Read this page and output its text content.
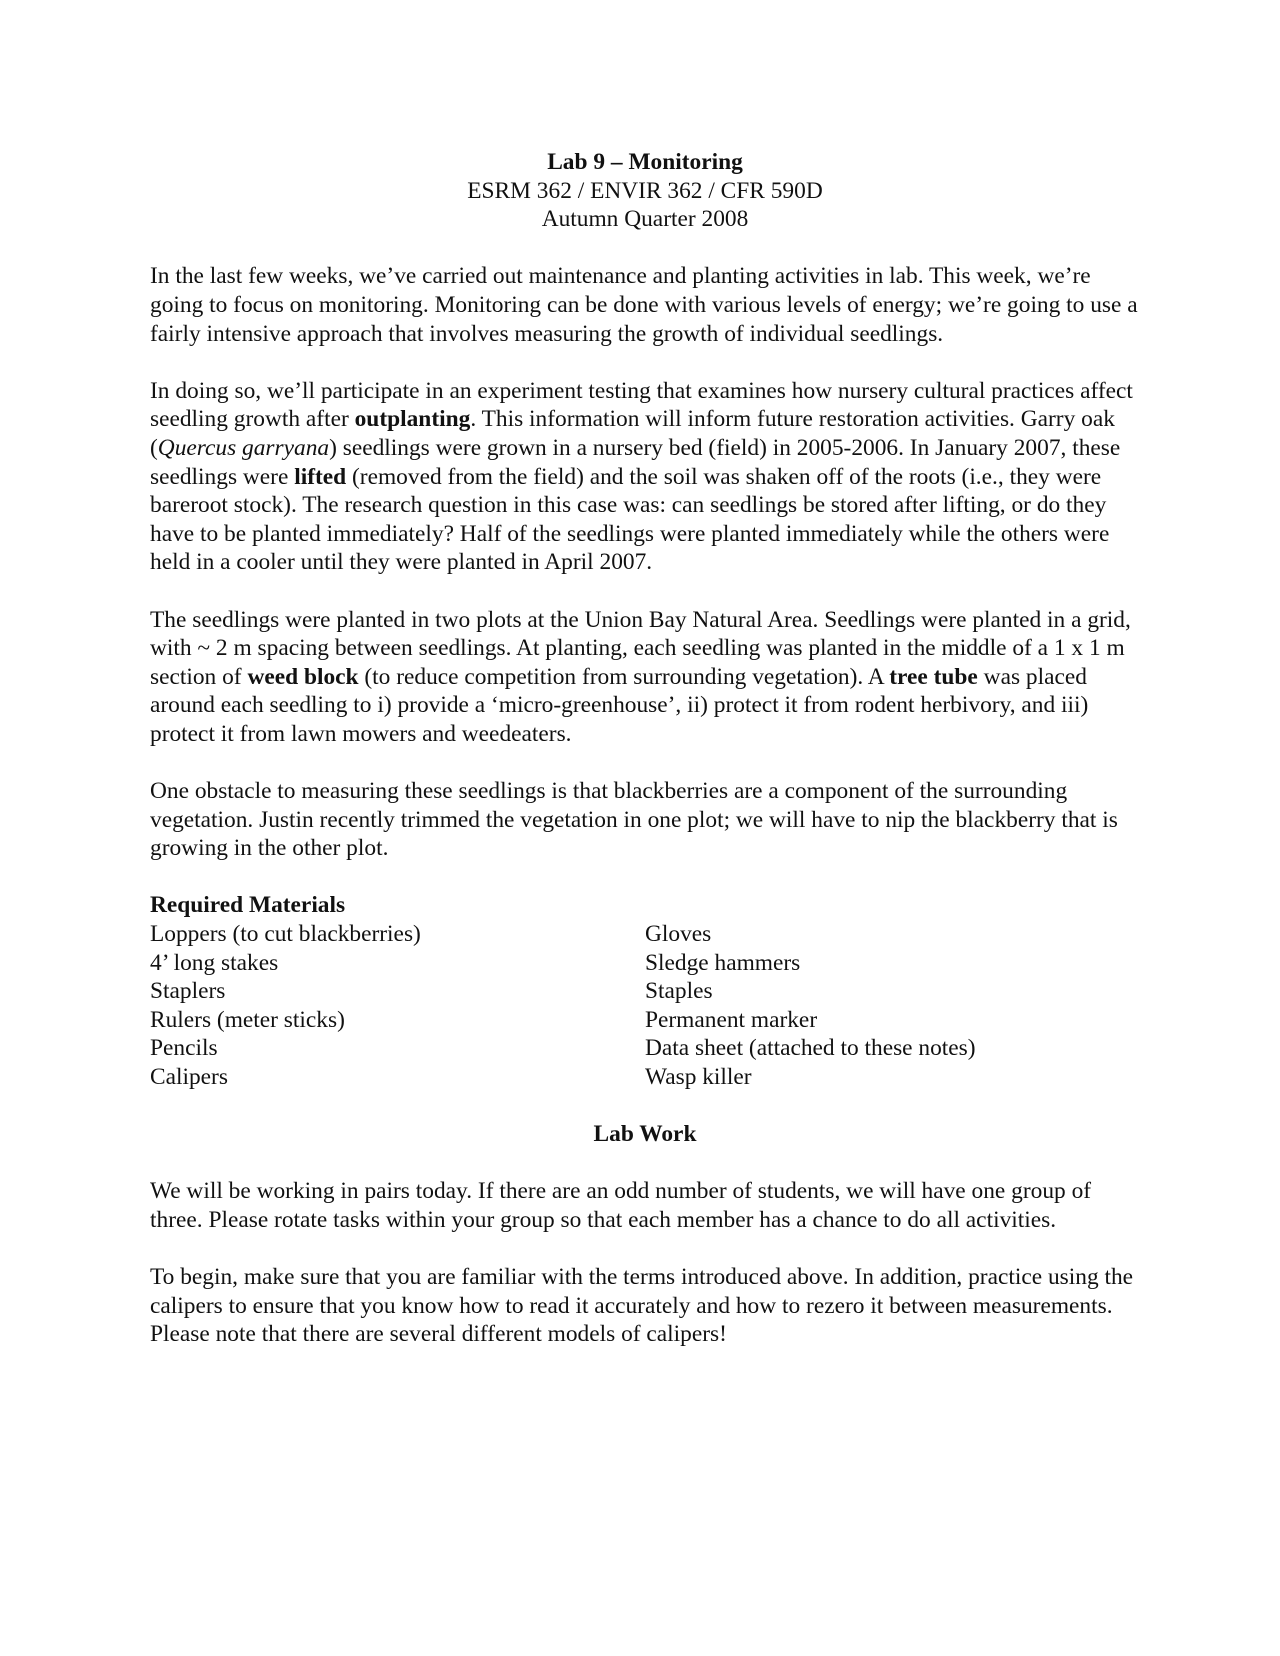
Lab 9 – Monitoring
ESRM 362 / ENVIR 362 / CFR 590D
Autumn Quarter 2008

In the last few weeks, we’ve carried out maintenance and planting activities in lab. This week, we’re going to focus on monitoring. Monitoring can be done with various levels of energy; we’re going to use a fairly intensive approach that involves measuring the growth of individual seedlings.

In doing so, we’ll participate in an experiment testing that examines how nursery cultural practices affect seedling growth after outplanting. This information will inform future restoration activities. Garry oak (Quercus garryana) seedlings were grown in a nursery bed (field) in 2005-2006. In January 2007, these seedlings were lifted (removed from the field) and the soil was shaken off of the roots (i.e., they were bareroot stock). The research question in this case was: can seedlings be stored after lifting, or do they have to be planted immediately? Half of the seedlings were planted immediately while the others were held in a cooler until they were planted in April 2007.

The seedlings were planted in two plots at the Union Bay Natural Area. Seedlings were planted in a grid, with ~ 2 m spacing between seedlings. At planting, each seedling was planted in the middle of a 1 x 1 m section of weed block (to reduce competition from surrounding vegetation). A tree tube was placed around each seedling to i) provide a ‘micro-greenhouse’, ii) protect it from rodent herbivory, and iii) protect it from lawn mowers and weedeaters.

One obstacle to measuring these seedlings is that blackberries are a component of the surrounding vegetation. Justin recently trimmed the vegetation in one plot; we will have to nip the blackberry that is growing in the other plot.

Required Materials
Loppers (to cut blackberries)
4’ long stakes
Staplers
Rulers (meter sticks)
Pencils
Calipers
Gloves
Sledge hammers
Staples
Permanent marker
Data sheet (attached to these notes)
Wasp killer
Lab Work

We will be working in pairs today. If there are an odd number of students, we will have one group of three. Please rotate tasks within your group so that each member has a chance to do all activities.

To begin, make sure that you are familiar with the terms introduced above. In addition, practice using the calipers to ensure that you know how to read it accurately and how to rezero it between measurements. Please note that there are several different models of calipers!
